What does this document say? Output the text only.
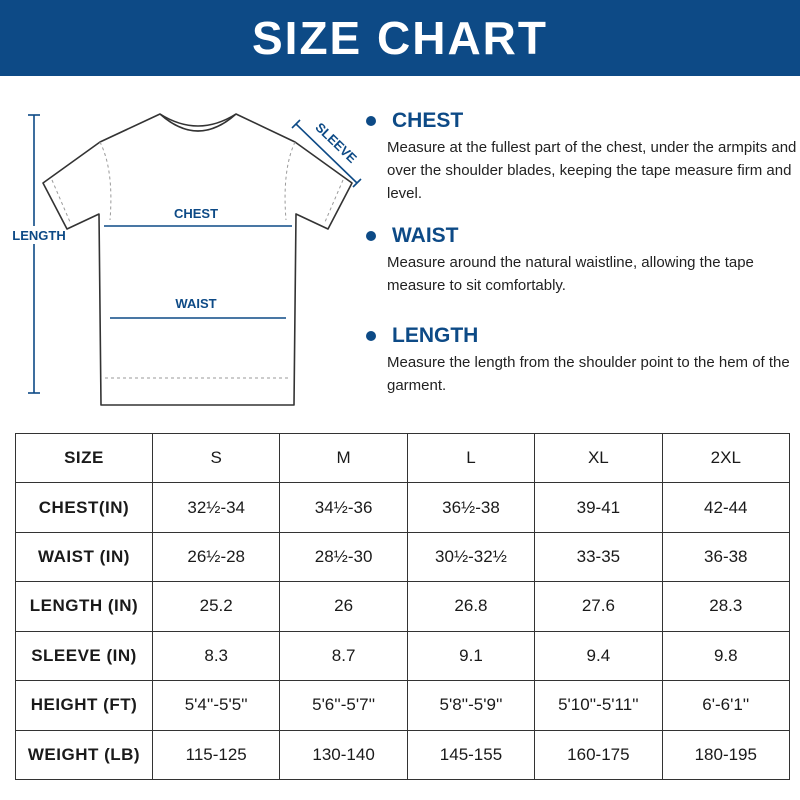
SIZE CHART
LENGTH
CHEST
WAIST
SLEEVE CHEST
Measure at the fullest part of the chest, under the armpits and over the shoulder blades, keeping the tape measure firm and level.
WAIST
Measure around the natural waistline, allowing the tape measure to sit comfortably.
LENGTH
Measure the length from the shoulder point to the hem of the garment.
SIZE	S	M	L	XL	2XL
CHEST(IN)	32½-34	34½-36	36½-38	39-41	42-44
WAIST (IN)	26½-28	28½-30	30½-32½	33-35	36-38
LENGTH (IN)	25.2	26	26.8	27.6	28.3
SLEEVE (IN)	8.3	8.7	9.1	9.4	9.8
HEIGHT (FT)	5'4''-5'5''	5'6''-5'7''	5'8''-5'9''	5'10''-5'11''	6'-6'1''
WEIGHT (LB)	115-125	130-140	145-155	160-175	180-195
